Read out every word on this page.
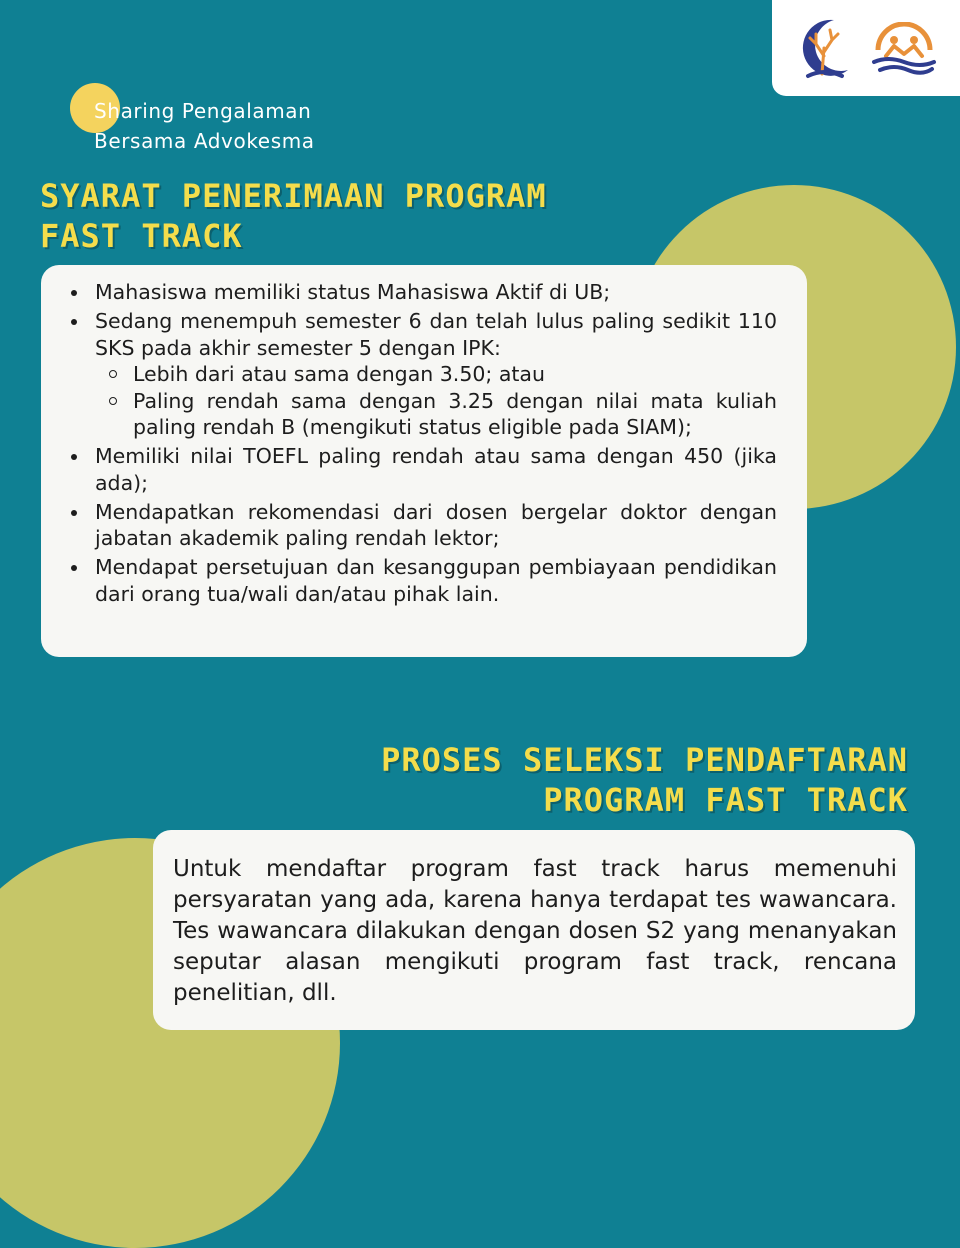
Sharing Pengalaman
Bersama Advokesma
SYARAT PENERIMAAN PROGRAM
FAST TRACK
Mahasiswa memiliki status Mahasiswa Aktif di UB;
Sedang menempuh semester 6 dan telah lulus paling sedikit 110 SKS pada akhir semester 5 dengan IPK:
Lebih dari atau sama dengan 3.50; atau
Paling rendah sama dengan 3.25 dengan nilai mata kuliah paling rendah B (mengikuti status eligible pada SIAM);
Memiliki nilai TOEFL paling rendah atau sama dengan 450 (jika ada);
Mendapatkan rekomendasi dari dosen bergelar doktor dengan jabatan akademik paling rendah lektor;
Mendapat persetujuan dan kesanggupan pembiayaan pendidikan dari orang tua/wali dan/atau pihak lain.
PROSES SELEKSI PENDAFTARAN
PROGRAM FAST TRACK

Untuk mendaftar program fast track harus memenuhi persyaratan yang ada, karena hanya terdapat tes wawancara. Tes wawancara dilakukan dengan dosen S2 yang menanyakan seputar alasan mengikuti program fast track, rencana penelitian, dll.
